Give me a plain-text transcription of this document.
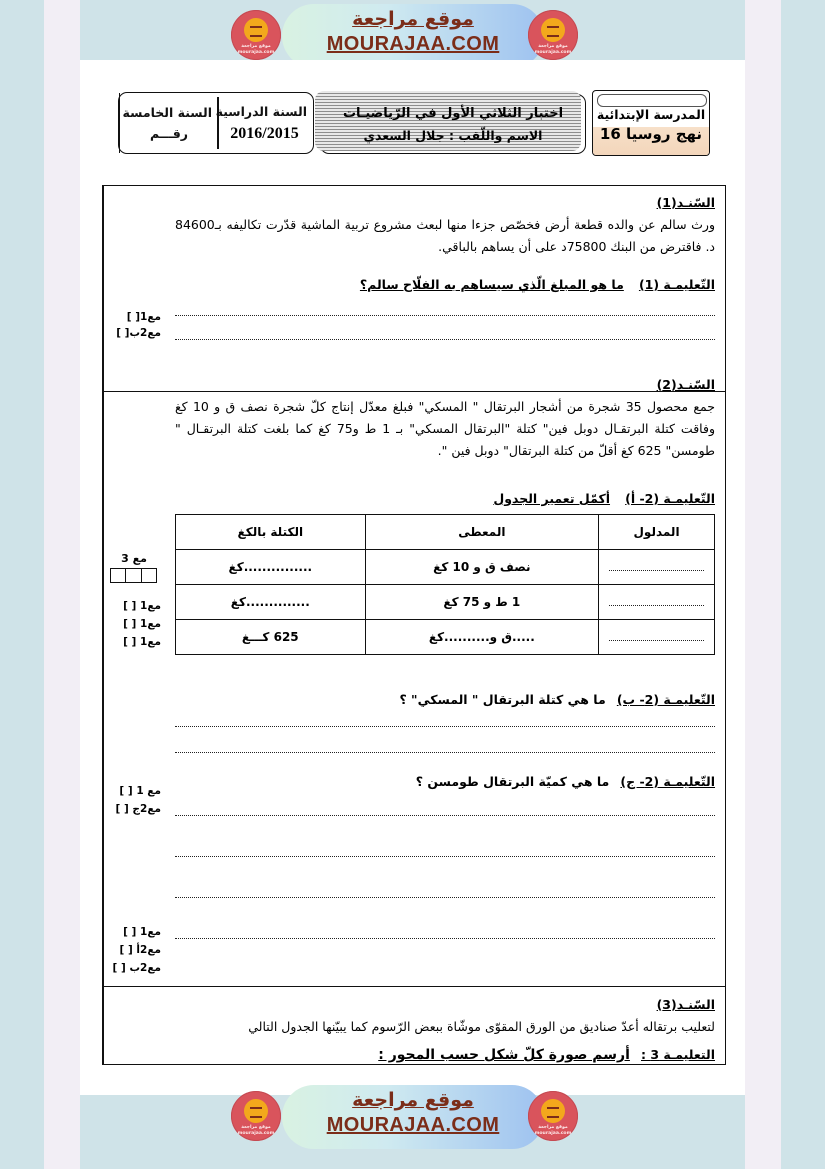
موقع مراجعة mourajaa.com
موقع مراجعة mourajaa.com
موقع مراجعة
MOURAJAA.COM
السنة الدراسية
2016/2015
السنة الخامسة
رقـــم
اختبار الثلاثي الأول في الرّياضيـات
الاسم واللّقب : جلال السعدي
المدرسة الإبتدائية
نهج روسيا 16
مع1[ ]
مع2ب[ ]
مع 3
مع1 [ ]
مع1 [ ]
مع1 [ ]
مع 1 [ ]
مع2ج [ ]
مع1 [ ]
مع2أ [ ]
مع2ب [ ]
السّنـد(1)
ورث سالم عن والده قطعة أرض فخصّص جزءا منها لبعث مشروع تربية الماشية قدّرت تكاليفه بـ84600 د. فاقترض من البنك 75800د على أن يساهم بالباقي.
التّعليمـة (1) ما هو المبلغ الّذي سيساهم به الفلّاح سالم؟
السّنـد(2)
جمع محصول 35 شجرة من أشجار البرتقال " المسكي" فبلغ معدّل إنتاج كلّ شجرة نصف ق و 10 كغ وفاقت كتلة البرتقـال دوبل فين" كتلة "البرتقال المسكي" بـ 1 ط و75 كغ كما بلغت كتلة البرتقـال " طومسن" 625 كغ أقلّ من كتلة البرتقال" دوبل فين ".
التّعليمـة (2- أ) أكمّل تعمير الجدول
المدلول	المعطى	الكتلة بالكغ

	نصف ق و 10 كغ	...............كغ

	1 ط و 75 كغ	..............كغ

	.....ق و..........كغ	625 كـــغ
التّعليمـة (2- ب) ما هي كتلة البرتقال " المسكي" ؟
التّعليمـة (2- ج) ما هي كميّة البرتقال طومسن ؟
السّنـد(3)
لتعليب برتقاله أعدّ صناديق من الورق المقوّى موشّاة ببعض الرّسوم كما يبيّنها الجدول التالي
التعليمـة 3 : أرسم صورة كلّ شكل حسب المحور :
موقع مراجعة mourajaa.com
موقع مراجعة mourajaa.com
موقع مراجعة
MOURAJAA.COM
